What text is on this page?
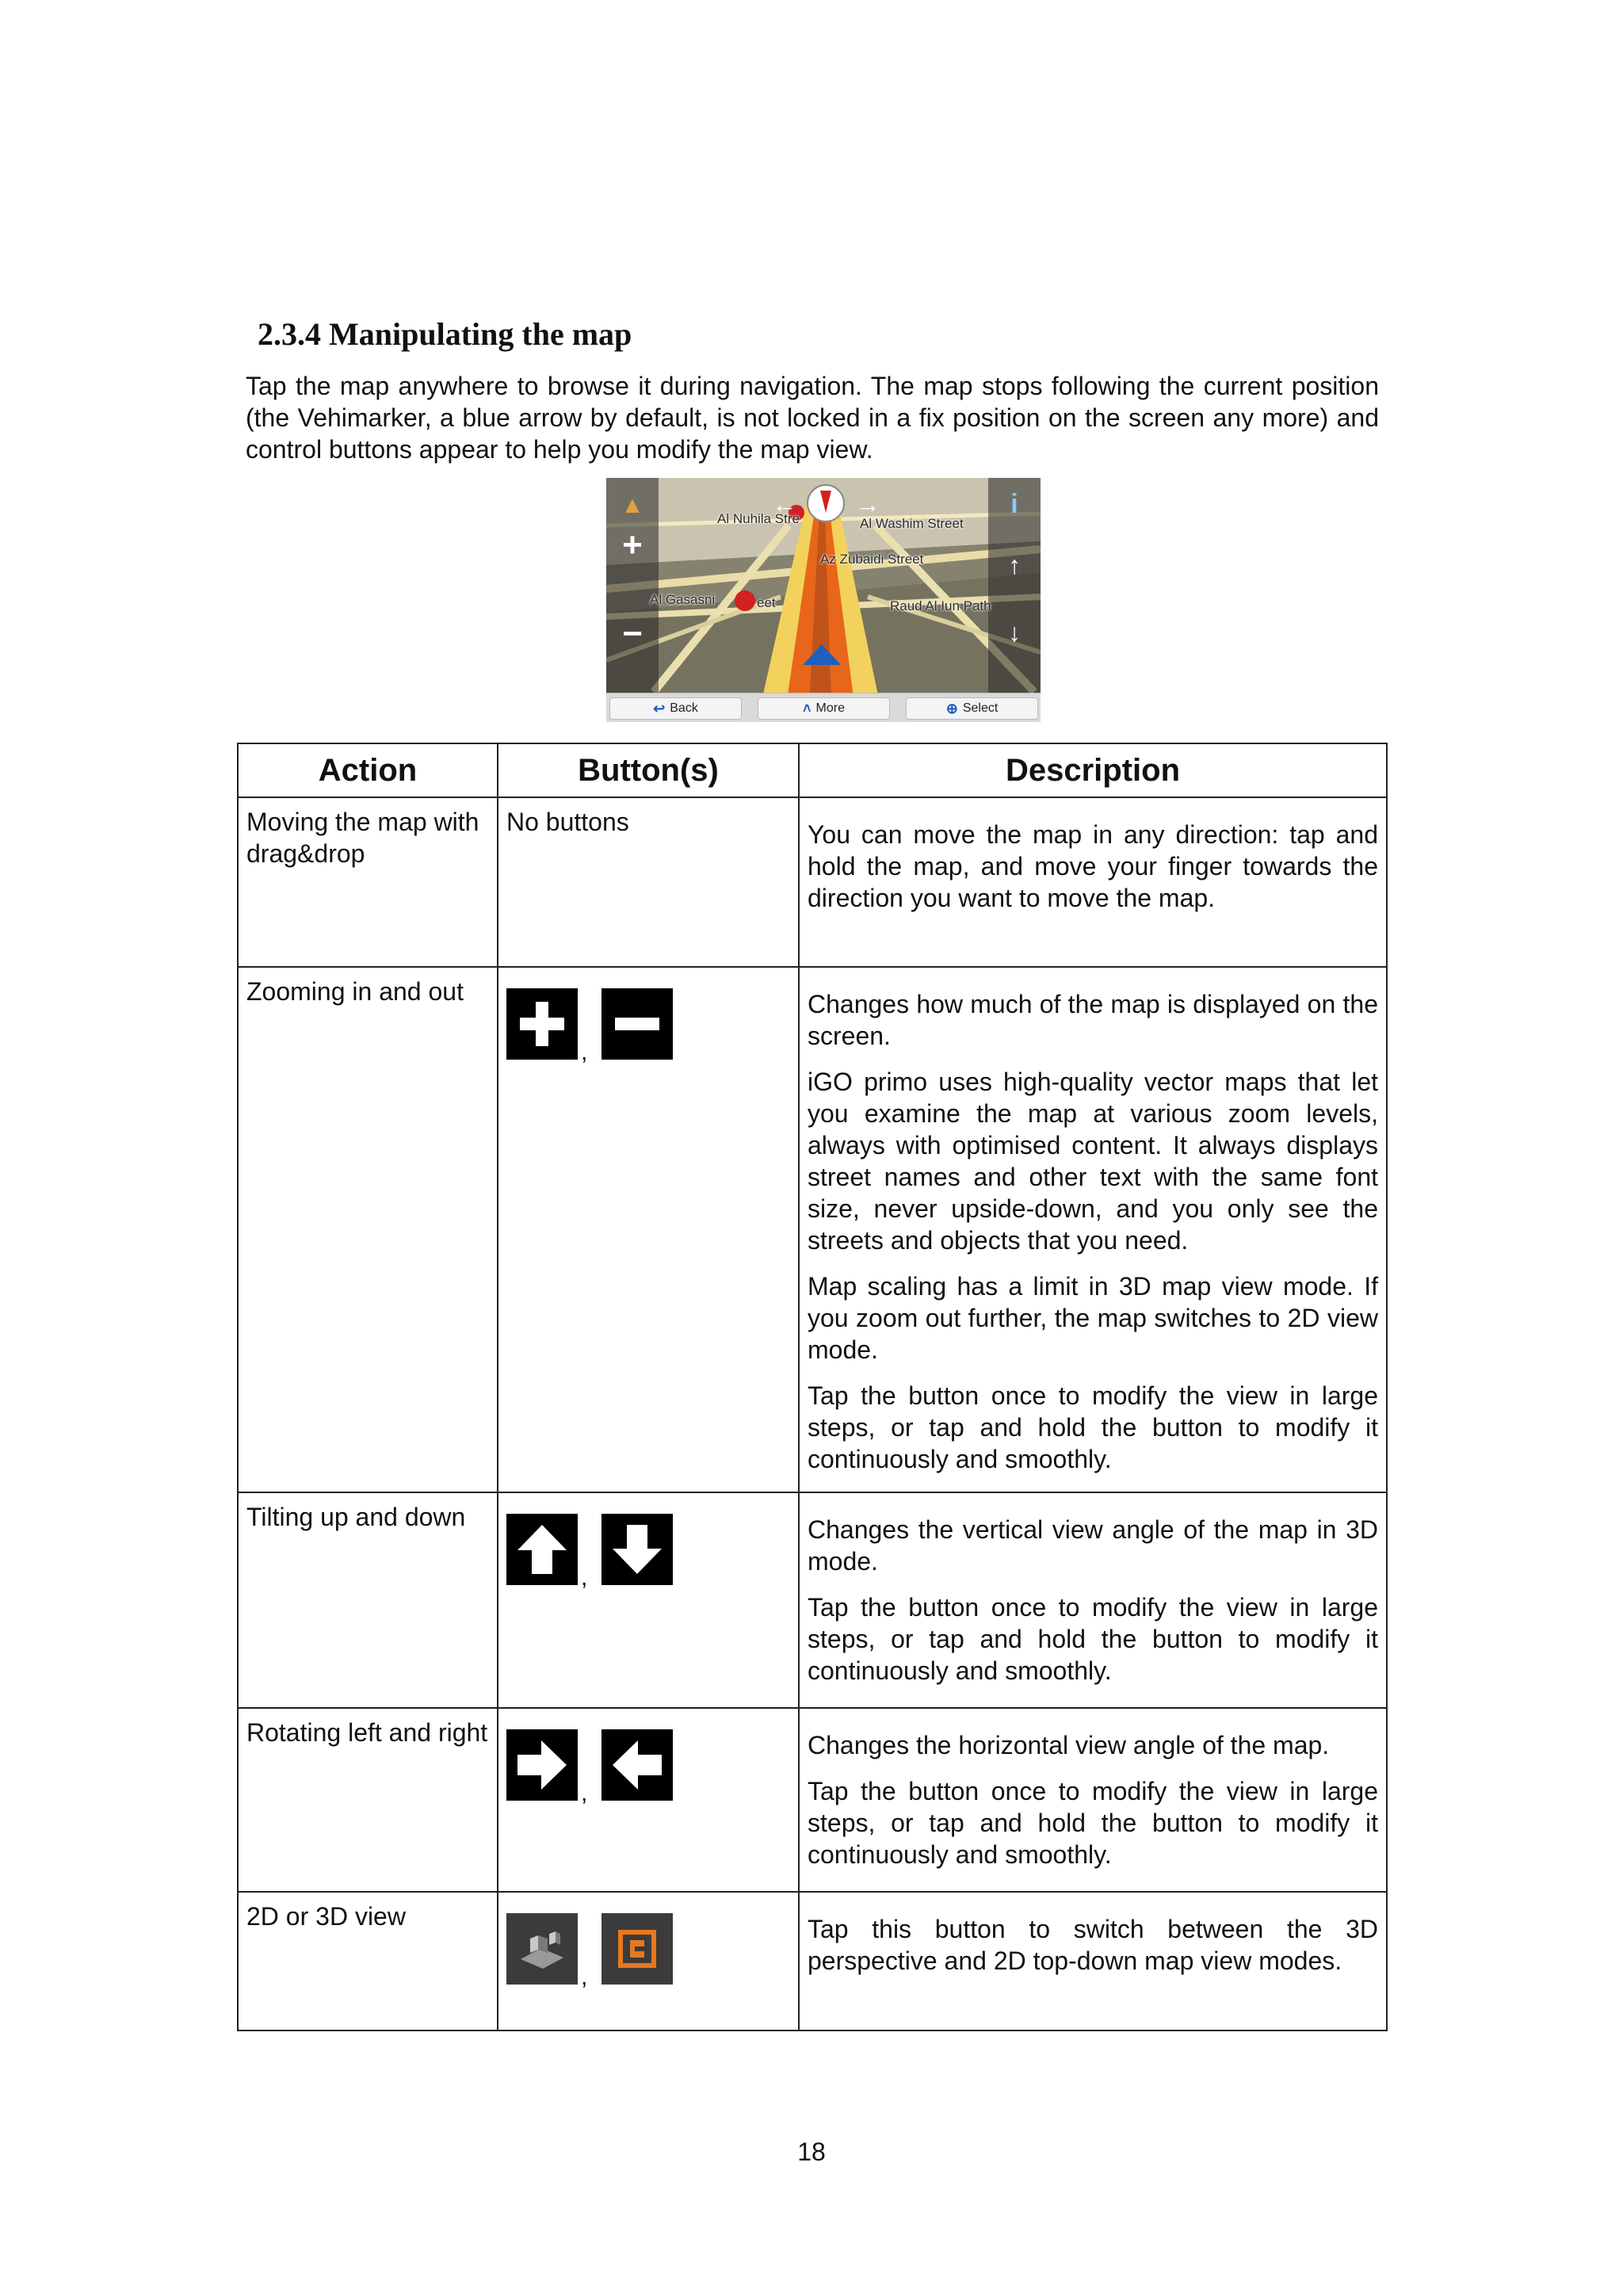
2.3.4 Manipulating the map

Tap the map anywhere to browse it during navigation. The map stops following the current position (the Vehimarker, a blue arrow by default, is not locked in a fix position on the screen any more) and control buttons appear to help you modify the map view.

▲
+
−
← →	i
↑
↓
Al Nuhila Stre	Al Washim Street
Az Zubaidi Street
Al Gasasni	eet	Raud Al Iun Path
↩ Back	˄ More	⊕ Select
Action	Button(s)	Description
Moving the map with drag&drop	No buttons	You can move the map in any direction: tap and hold the map, and move your finger towards the direction you want to move the map.

Zooming in and out	,	Changes how much of the map is displayed on the screen.

iGO primo uses high-quality vector maps that let you examine the map at various zoom levels, always with optimised content. It always displays street names and other text with the same font size, never upside-down, and you only see the streets and objects that you need.

Map scaling has a limit in 3D map view mode. If you zoom out further, the map switches to 2D view mode.

Tap the button once to modify the view in large steps, or tap and hold the button to modify it continuously and smoothly.

Tilting up and down	,	Changes the vertical view angle of the map in 3D mode.

Tap the button once to modify the view in large steps, or tap and hold the button to modify it continuously and smoothly.

Rotating left and right	,	Changes the horizontal view angle of the map.

Tap the button once to modify the view in large steps, or tap and hold the button to modify it continuously and smoothly.

2D or 3D view	,	Tap this button to switch between the 3D perspective and 2D top-down map view modes.

18
